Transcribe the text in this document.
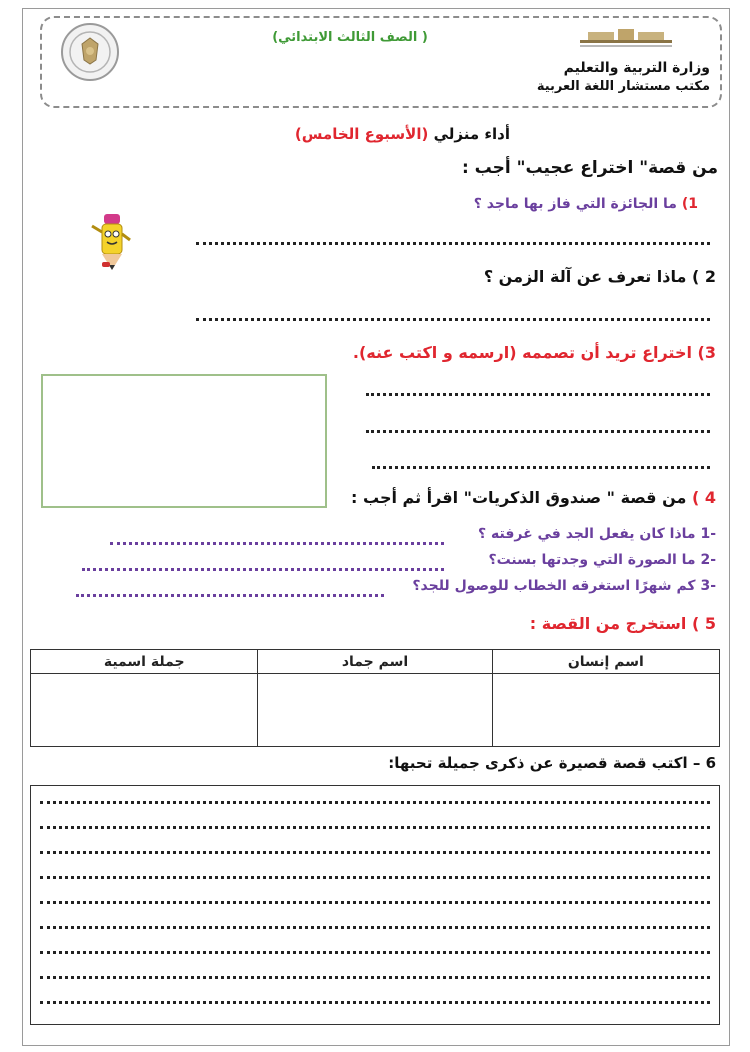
( الصف الثالث الابتدائي)
وزارة التربية والتعليم
مكتب مستشار اللغة العربية
أداء منزلي (الأسبوع الخامس)
من قصة" اختراع عجيب" أجب :
1) ما الجائزة التي فاز بها ماجد ؟
2 ) ماذا تعرف عن آلة الزمن ؟
3) اختراع تريد أن تصممه (ارسمه و اكتب عنه).
4 ) من قصة " صندوق الذكريات" اقرأ ثم أجب :
-1 ماذا كان يفعل الجد في غرفته ؟
-2 ما الصورة التي وجدتها بسنت؟
-3 كم شهرًا استغرقه الخطاب للوصول للجد؟
5 ) استخرج من القصة :
اسم إنسان	اسم جماد	جملة اسمية

6 – اكتب قصة قصيرة عن ذكرى جميلة تحبها:
